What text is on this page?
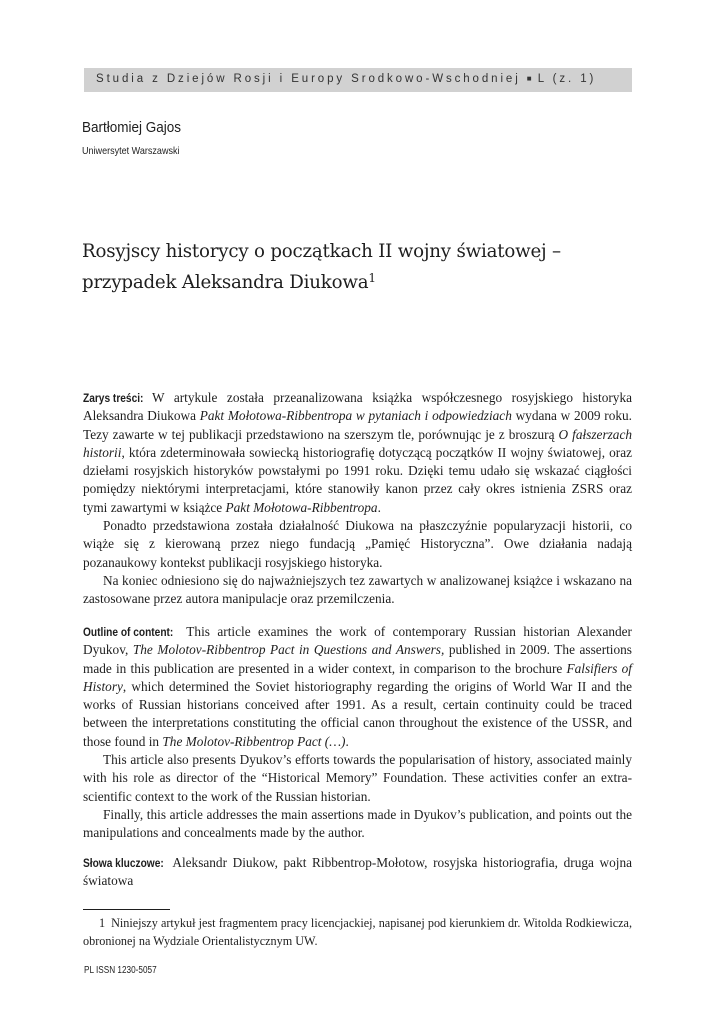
Studia z Dziejów Rosji i Europy Środkowo-Wschodniej ■ L (z. 1)
Bartłomiej Gajos
Uniwersytet Warszawski
Rosyjscy historycy o początkach II wojny światowej – przypadek Aleksandra Diukowa$^1$

Zarys treści: W artykule została przeanalizowana książka współczesnego rosyjskiego historyka Aleksandra Diukowa Pakt Mołotowa-Ribbentropa w pytaniach i odpowiedziach wydana w 2009 roku. Tezy zawarte w tej publikacji przedstawiono na szerszym tle, porównując je z broszurą O fałszerzach historii, która zdeterminowała sowiecką historiografię dotyczącą początków II wojny światowej, oraz dziełami rosyjskich historyków powstałymi po 1991 roku. Dzięki temu udało się wskazać ciągłości pomiędzy niektórymi interpretacjami, które stanowiły kanon przez cały okres istnienia ZSRS oraz tymi zawartymi w książce Pakt Mołotowa-Ribbentropa.

Ponadto przedstawiona została działalność Diukowa na płaszczyźnie popularyzacji historii, co wiąże się z kierowaną przez niego fundacją „Pamięć Historyczna”. Owe działania nadają pozanaukowy kontekst publikacji rosyjskiego historyka.

Na koniec odniesiono się do najważniejszych tez zawartych w analizowanej książce i wskazano na zastosowane przez autora manipulacje oraz przemilczenia.

Outline of content: This article examines the work of contemporary Russian historian Alexander Dyukov, The Molotov-Ribbentrop Pact in Questions and Answers, published in 2009. The assertions made in this publication are presented in a wider context, in comparison to the brochure Falsifiers of History, which determined the Soviet historiography regarding the origins of World War II and the works of Russian historians conceived after 1991. As a result, certain continuity could be traced between the interpretations constituting the official canon throughout the existence of the USSR, and those found in The Molotov-Ribbentrop Pact (…).

This article also presents Dyukov’s efforts towards the popularisation of history, associated mainly with his role as director of the “Historical Memory” Foundation. These activities confer an extra-scientific context to the work of the Russian historian.

Finally, this article addresses the main assertions made in Dyukov’s publication, and points out the manipulations and concealments made by the author.

Słowa kluczowe: Aleksandr Diukow, pakt Ribbentrop-Mołotow, rosyjska historiografia, druga wojna światowa

1 Niniejszy artykuł jest fragmentem pracy licencjackiej, napisanej pod kierunkiem dr. Witolda Rodkiewicza, obronionej na Wydziale Orientalistycznym UW.
PL ISSN 1230-5057
